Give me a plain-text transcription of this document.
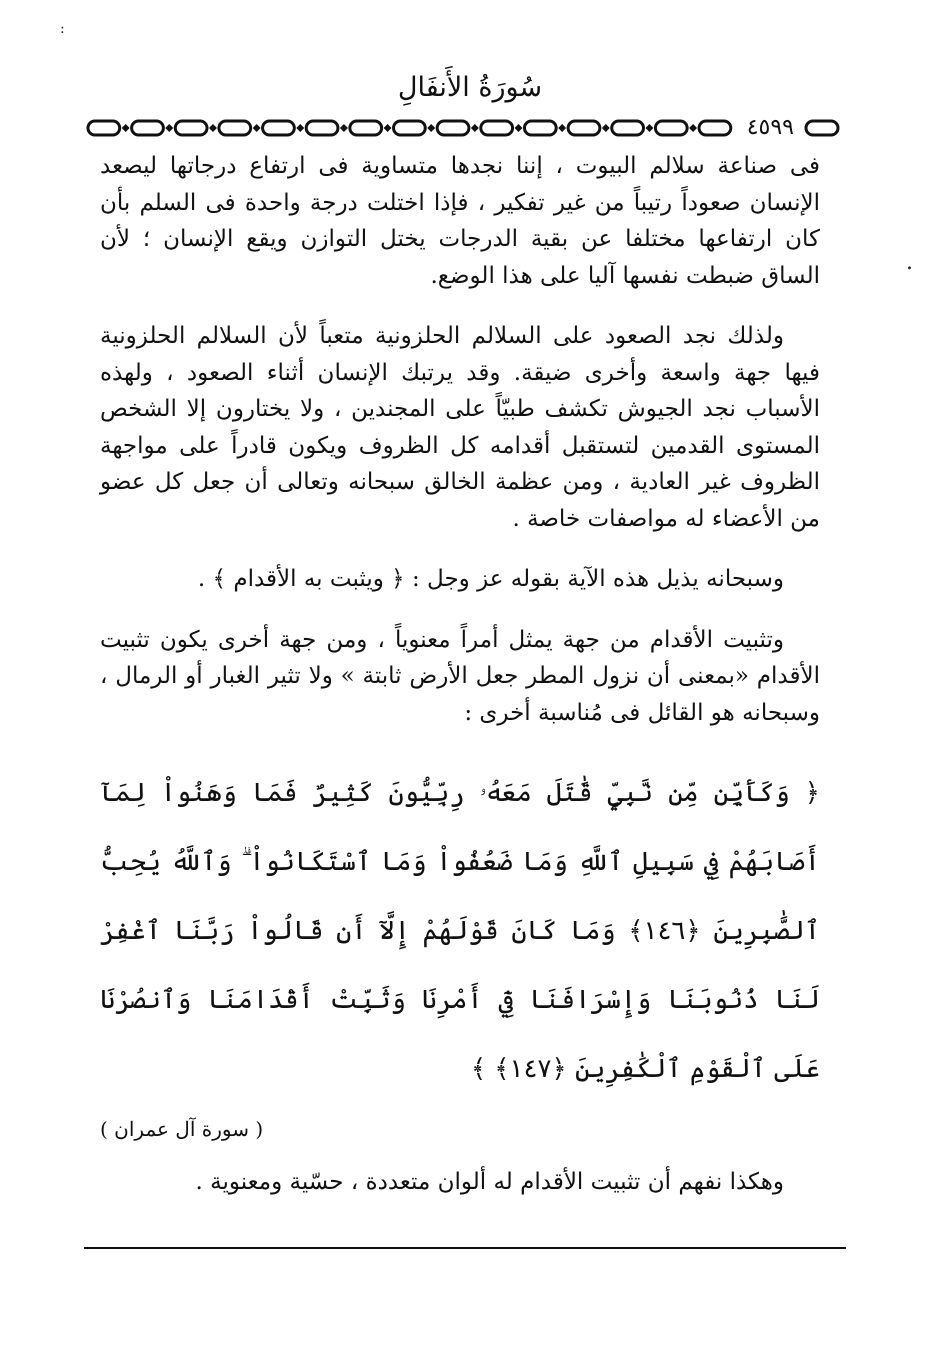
:
.
سُورَةُ الأَنفَالِ
٤٥٩٩

فى صناعة سلالم البيوت ، إننا نجدها متساوية فى ارتفاع درجاتها ليصعد الإنسان صعوداً رتيباً من غير تفكير ، فإذا اختلت درجة واحدة فى السلم بأن كان ارتفاعها مختلفا عن بقية الدرجات يختل التوازن ويقع الإنسان ؛ لأن الساق ضبطت نفسها آليا على هذا الوضع.

ولذلك نجد الصعود على السلالم الحلزونية متعباً لأن السلالم الحلزونية فيها جهة واسعة وأخرى ضيقة. وقد يرتبك الإنسان أثناء الصعود ، ولهذه الأسباب نجد الجيوش تكشف طبيّاً على المجندين ، ولا يختارون إلا الشخص المستوى القدمين لتستقبل أقدامه كل الظروف ويكون قادراً على مواجهة الظروف غير العادية ، ومن عظمة الخالق سبحانه وتعالى أن جعل كل عضو من الأعضاء له مواصفات خاصة .

وسبحانه يذيل هذه الآية بقوله عز وجل : ﴿ ويثبت به الأقدام ﴾ .

وتثبيت الأقدام من جهة يمثل أمراً معنوياً ، ومن جهة أخرى يكون تثبيت الأقدام «بمعنى أن نزول المطر جعل الأرض ثابتة » ولا تثير الغبار أو الرمال ، وسبحانه هو القائل فى مُناسبة أخرى :

﴿ وَكَأَيِّن مِّن نَّبِيٍّ قَٰتَلَ مَعَهُۥ رِبِّيُّونَ كَثِيرٌ فَمَا وَهَنُواْ لِمَآ أَصَابَهُمْ فِي سَبِيلِ ٱللَّهِ وَمَا ضَعُفُواْ وَمَا ٱسْتَكَانُواْ ۗ وَٱللَّهُ يُحِبُّ ٱلصَّٰبِرِينَ ﴿١٤٦﴾ وَمَا كَانَ قَوْلَهُمْ إِلَّآ أَن قَالُواْ رَبَّنَا ٱغْفِرْ لَنَا ذُنُوبَنَا وَإِسْرَافَنَا فِيٓ أَمْرِنَا وَثَبِّتْ أَقْدَامَنَا وَٱنصُرْنَا عَلَى ٱلْقَوْمِ ٱلْكَٰفِرِينَ ﴿١٤٧﴾ ﴾

( سورة آل عمران )

وهكذا نفهم أن تثبيت الأقدام له ألوان متعددة ، حسّية ومعنوية .
